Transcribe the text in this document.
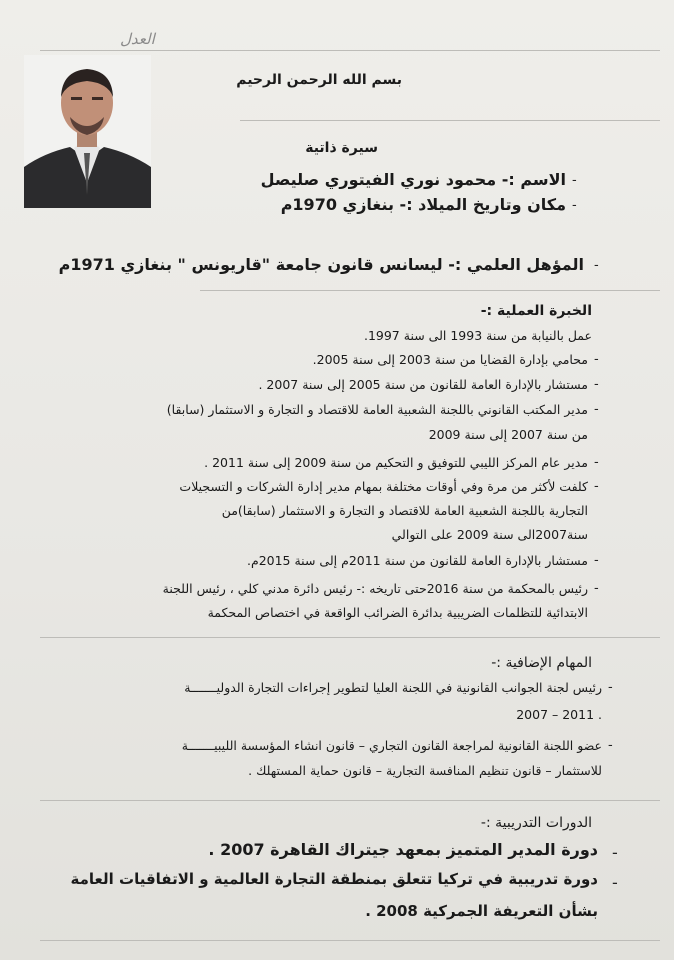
العدل
بسم الله الرحمن الرحيم
سيرة ذاتية
-
الاسم :- محمود نوري الفيتوري صليصل
-
مكان وتاريخ الميلاد :- بنغازي 1970م
-
المؤهل العلمي :- ليسانس قانون جامعة "قاريونس " بنغازي 1971م
الخبرة العملية :-
عمل بالنيابة من سنة 1993 الى سنة 1997.
-
محامي بإدارة القضايا من سنة 2003 إلى سنة 2005.
-
مستشار بالإدارة العامة للقانون من سنة 2005 إلى سنة 2007 .
-
مدير المكتب القانوني باللجنة الشعبية العامة للاقتصاد و التجارة و الاستثمار (سابقا)
من سنة 2007 إلى سنة 2009
-
مدير عام المركز الليبي للتوفيق و التحكيم من سنة 2009 إلى سنة 2011 .
-
كلفت لأكثر من مرة وفي أوقات مختلفة بمهام مدير إدارة الشركات و التسجيلات
التجارية باللجنة الشعبية العامة للاقتصاد و التجارة و الاستثمار (سابقا)من
سنة2007الى سنة 2009 على التوالي
-
مستشار بالإدارة العامة للقانون من سنة 2011م إلى سنة 2015م.
-
رئيس بالمحكمة من سنة 2016حتى تاريخه :- رئيس دائرة مدني كلي ، رئيس اللجنة
الابتدائية للتظلمات الضريبية بدائرة الضرائب الواقعة في اختصاص المحكمة
المهام الإضافية :-
-
رئيس لجنة الجوانب القانونية في اللجنة العليا لتطوير إجراءات التجارة الدوليـــــــة
2007 – 2011 .
-
عضو اللجنة القانونية لمراجعة القانون التجاري – قانون انشاء المؤسسة الليبيـــــــة
للاستثمار – قانون تنظيم المنافسة التجارية – قانون حماية المستهلك .
الدورات التدريبية :-
-
دورة المدير المتميز بمعهد جيتراك القاهرة 2007 .
-
دورة تدريبية في تركيا تتعلق بمنطقة التجارة العالمية و الاتفاقيات العامة
بشأن التعريفة الجمركية 2008 .
